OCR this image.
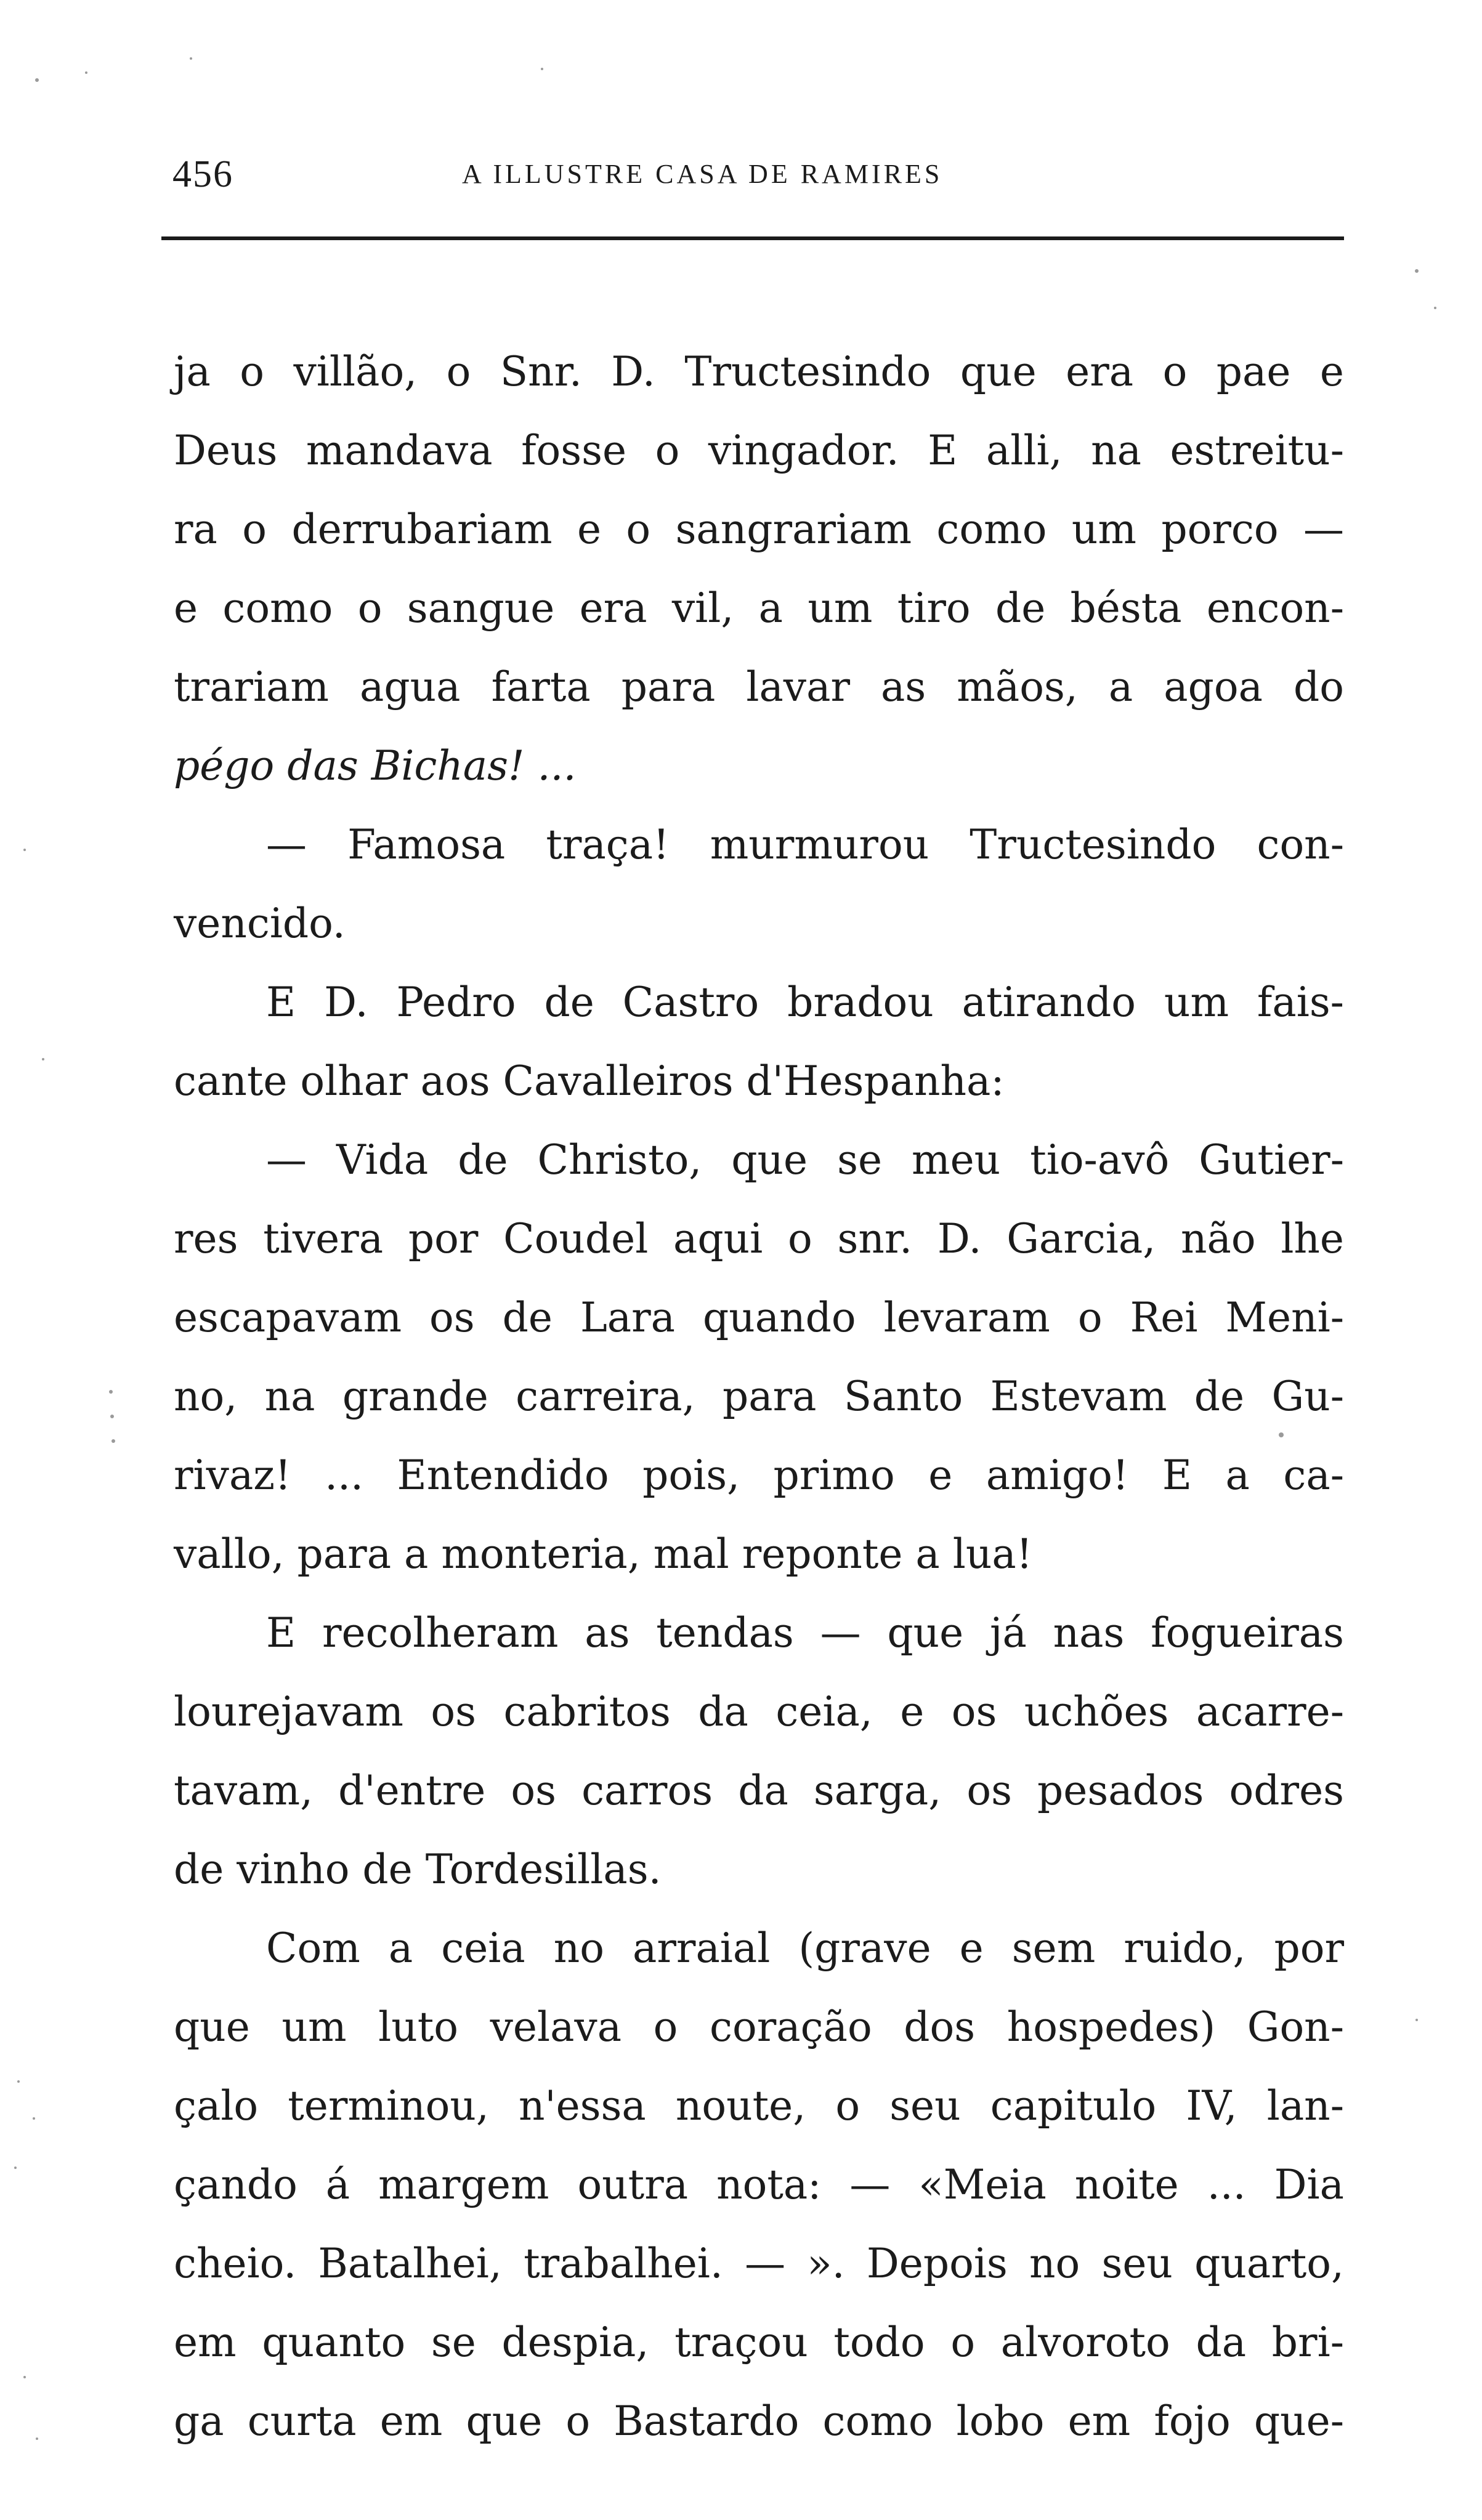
456	A ILLUSTRE CASA DE RAMIRES
ja o villão, o Snr. D. Tructesindo que era o pae e
Deus mandava fosse o vingador. E alli, na estreitu-
ra o derrubariam e o sangrariam como um porco —
e como o sangue era vil, a um tiro de bésta encon-
trariam agua farta para lavar as mãos, a agoa do
pégo das Bichas! ...
— Famosa traça! murmurou Tructesindo con-
vencido.
E D. Pedro de Castro bradou atirando um fais-
cante olhar aos Cavalleiros d'Hespanha:
— Vida de Christo, que se meu tio-avô Gutier-
res tivera por Coudel aqui o snr. D. Garcia, não lhe
escapavam os de Lara quando levaram o Rei Meni-
no, na grande carreira, para Santo Estevam de Gu-
rivaz! ... Entendido pois, primo e amigo! E a ca-
vallo, para a monteria, mal reponte a lua!
E recolheram as tendas — que já nas fogueiras
lourejavam os cabritos da ceia, e os uchões acarre-
tavam, d'entre os carros da sarga, os pesados odres
de vinho de Tordesillas.
Com a ceia no arraial (grave e sem ruido, por
que um luto velava o coração dos hospedes) Gon-
çalo terminou, n'essa noute, o seu capitulo IV, lan-
çando á margem outra nota: — «Meia noite ... Dia
cheio. Batalhei, trabalhei. — ». Depois no seu quarto,
em quanto se despia, traçou todo o alvoroto da bri-
ga curta em que o Bastardo como lobo em fojo que-
